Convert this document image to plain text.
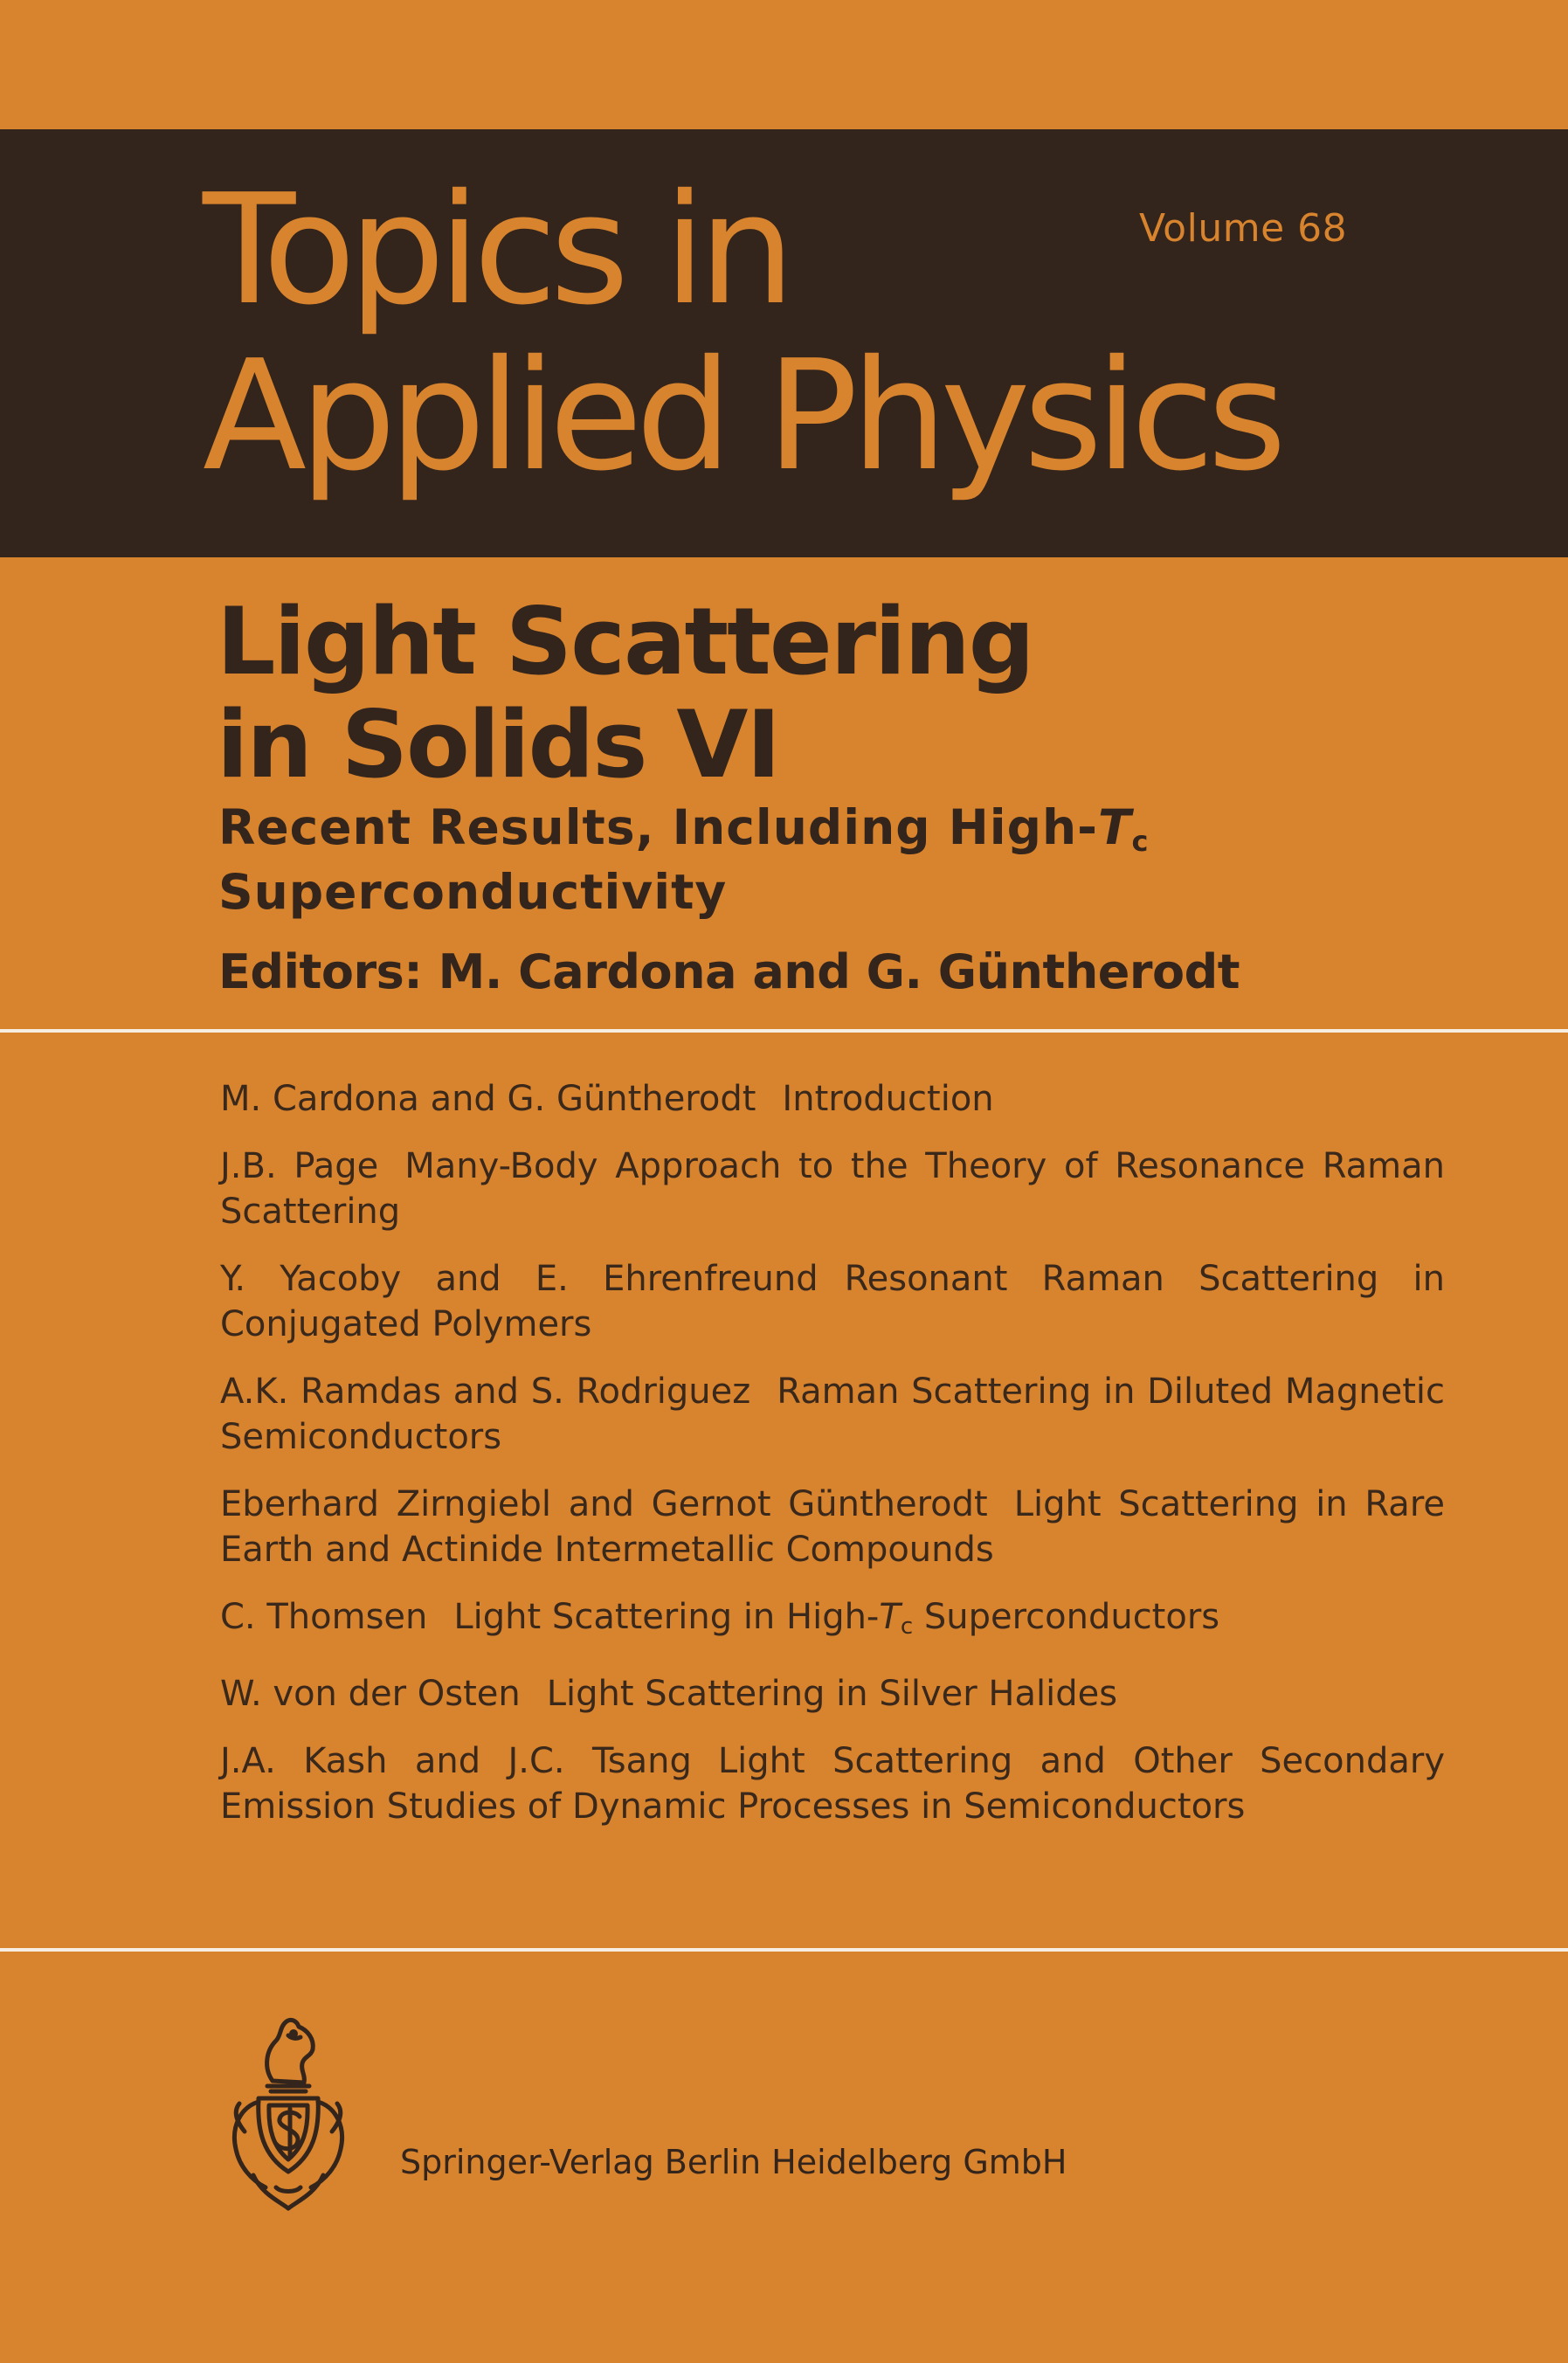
Topics in
Applied Physics
Volume 68
Light Scattering
in Solids VI

Recent Results, Including High-$T_c$
Superconductivity

Editors: M. Cardona and G. Güntherodt
M. Cardona and G. Güntherodt Introduction
J.B. Page Many-Body Approach to the Theory of Resonance Raman Scattering
Y. Yacoby and E. Ehrenfreund Resonant Raman Scattering in Conjugated Polymers
A.K. Ramdas and S. Rodriguez Raman Scattering in Diluted Magnetic Semiconductors
Eberhard Zirngiebl and Gernot Güntherodt Light Scattering in Rare Earth and Actinide Intermetallic Compounds
C. Thomsen Light Scattering in High-$T_c$ Superconductors
W. von der Osten Light Scattering in Silver Halides
J.A. Kash and J.C. Tsang Light Scattering and Other Secondary Emission Studies of Dynamic Processes in Semiconductors
Springer-Verlag Berlin Heidelberg GmbH
